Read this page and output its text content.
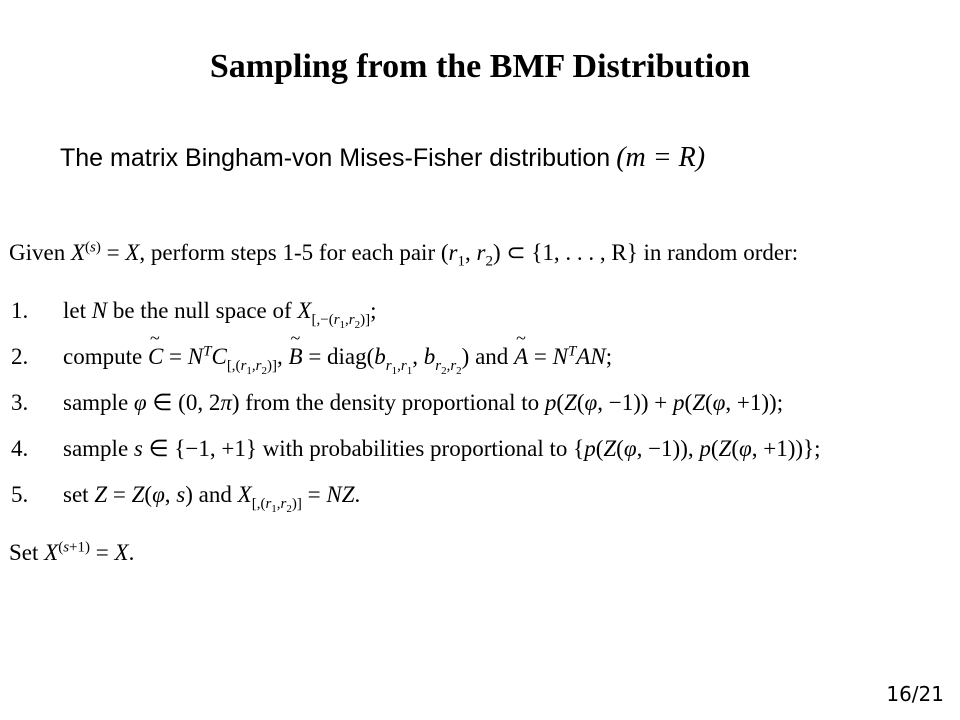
Sampling from the BMF Distribution
The matrix Bingham-von Mises-Fisher distribution (m = R)
Given $X^{(s)} = X$, perform steps 1-5 for each pair ($r_1$, $r_2$) ⊂ {1, . . . , R} in random order:
1. let N be the null space of $X_{[,-(r_1,r_2)]}$;
2. compute ~ $C = N^TC_{[,(r_1,r_2)]}$, ~ $B = diag(b_{r_1,r_1}$, $b_{r_2,r_2}$) and ~ $A = N^TAN$;
3. sample φ ∈ (0, 2π) from the density proportional to p(Z(φ, −1)) + p(Z(φ, +1));
4. sample s ∈ {−1, +1} with probabilities proportional to {p(Z(φ, −1)), p(Z(φ, +1))};
5. set Z = Z(φ, s) and $X_{[,(r_1,r_2)]}$ = NZ.
Set $X^{(s+1)} = X$.
16/21
